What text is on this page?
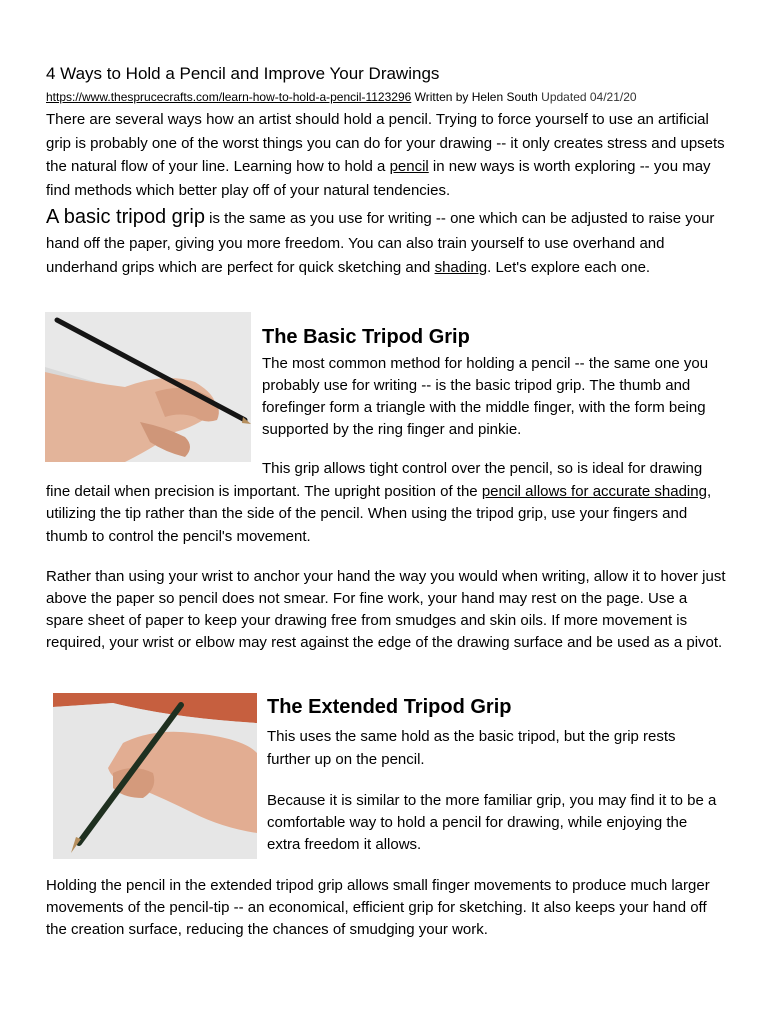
4 Ways to Hold a Pencil and Improve Your Drawings
https://www.thesprucecrafts.com/learn-how-to-hold-a-pencil-1123296 Written by Helen South Updated 04/21/20

There are several ways how an artist should hold a pencil. Trying to force yourself to use an artificial grip is probably one of the worst things you can do for your drawing -- it only creates stress and upsets the natural flow of your line. Learning how to hold a pencil in new ways is worth exploring -- you may find methods which better play off of your natural tendencies.

A basic tripod grip is the same as you use for writing -- one which can be adjusted to raise your hand off the paper, giving you more freedom. You can also train yourself to use overhand and underhand grips which are perfect for quick sketching and shading. Let's explore each one.

The Basic Tripod Grip

The most common method for holding a pencil -- the same one you probably use for writing -- is the basic tripod grip. The thumb and forefinger form a triangle with the middle finger, with the form being supported by the ring finger and pinkie.

This grip allows tight control over the pencil, so is ideal for drawing fine detail when precision is important. The upright position of the pencil allows for accurate shading, utilizing the tip rather than the side of the pencil. When using the tripod grip, use your fingers and thumb to control the pencil's movement.

Rather than using your wrist to anchor your hand the way you would when writing, allow it to hover just above the paper so pencil does not smear. For fine work, your hand may rest on the page. Use a spare sheet of paper to keep your drawing free from smudges and skin oils. If more movement is required, your wrist or elbow may rest against the edge of the drawing surface and be used as a pivot.

The Extended Tripod Grip

This uses the same hold as the basic tripod, but the grip rests further up on the pencil.

Because it is similar to the more familiar grip, you may find it to be a comfortable way to hold a pencil for drawing, while enjoying the extra freedom it allows.

Holding the pencil in the extended tripod grip allows small finger movements to produce much larger movements of the pencil-tip -- an economical, efficient grip for sketching. It also keeps your hand off the creation surface, reducing the chances of smudging your work.
